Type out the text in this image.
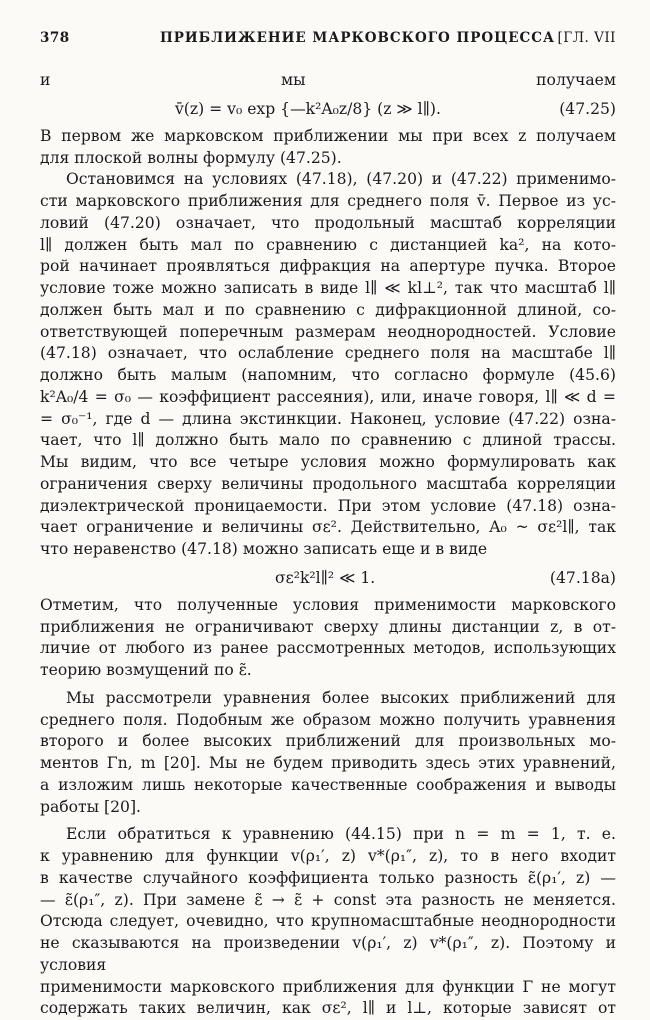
378	ПРИБЛИЖЕНИЕ МАРКОВСКОГО ПРОЦЕССА [ГЛ. VII

и мы получаем

v̄(z) = v₀ exp {—k²A₀z/8} (z ≫ l∥).	(47.25)

В первом же марковском приближении мы при всех z получаем

для плоской волны формулу (47.25).

Остановимся на условиях (47.18), (47.20) и (47.22) применимо-

сти марковского приближения для среднего поля v̄. Первое из ус-

ловий (47.20) означает, что продольный масштаб корреляции

l∥ должен быть мал по сравнению с дистанцией ka², на кото-

рой начинает проявляться дифракция на апертуре пучка. Второе

условие тоже можно записать в виде l∥ ≪ kl⊥², так что масштаб l∥

должен быть мал и по сравнению с дифракционной длиной, со-

ответствующей поперечным размерам неоднородностей. Условие

(47.18) означает, что ослабление среднего поля на масштабе l∥

должно быть малым (напомним, что согласно формуле (45.6)

k²A₀/4 = σ₀ — коэффициент рассеяния), или, иначе говоря, l∥ ≪ d =

= σ₀⁻¹, где d — длина экстинкции. Наконец, условие (47.22) озна-

чает, что l∥ должно быть мало по сравнению с длиной трассы.

Мы видим, что все четыре условия можно формулировать как

ограничения сверху величины продольного масштаба корреляции

диэлектрической проницаемости. При этом условие (47.18) озна-

чает ограничение и величины σε². Действительно, A₀ ~ σε²l∥, так

что неравенство (47.18) можно записать еще и в виде

σε²k²l∥² ≪ 1.	(47.18a)

Отметим, что полученные условия применимости марковского

приближения не ограничивают сверху длины дистанции z, в от-

личие от любого из ранее рассмотренных методов, использующих

теорию возмущений по ε̃.

Мы рассмотрели уравнения более высоких приближений для

среднего поля. Подобным же образом можно получить уравнения

второго и более высоких приближений для произвольных мо-

ментов Γn, m [20]. Мы не будем приводить здесь этих уравнений,

а изложим лишь некоторые качественные соображения и выводы

работы [20].

Если обратиться к уравнению (44.15) при n = m = 1, т. е.

к уравнению для функции v(ρ₁′, z) v*(ρ₁″, z), то в него входит

в качестве случайного коэффициента только разность ε̃(ρ₁′, z) —

— ε̃(ρ₁″, z). При замене ε̃ → ε̃ + const эта разность не меняется.

Отсюда следует, очевидно, что крупномасштабные неоднородности

не сказываются на произведении v(ρ₁′, z) v*(ρ₁″, z). Поэтому и условия

применимости марковского приближения для функции Γ не могут

содержать таких величин, как σε², l∥ и l⊥, которые зависят от
